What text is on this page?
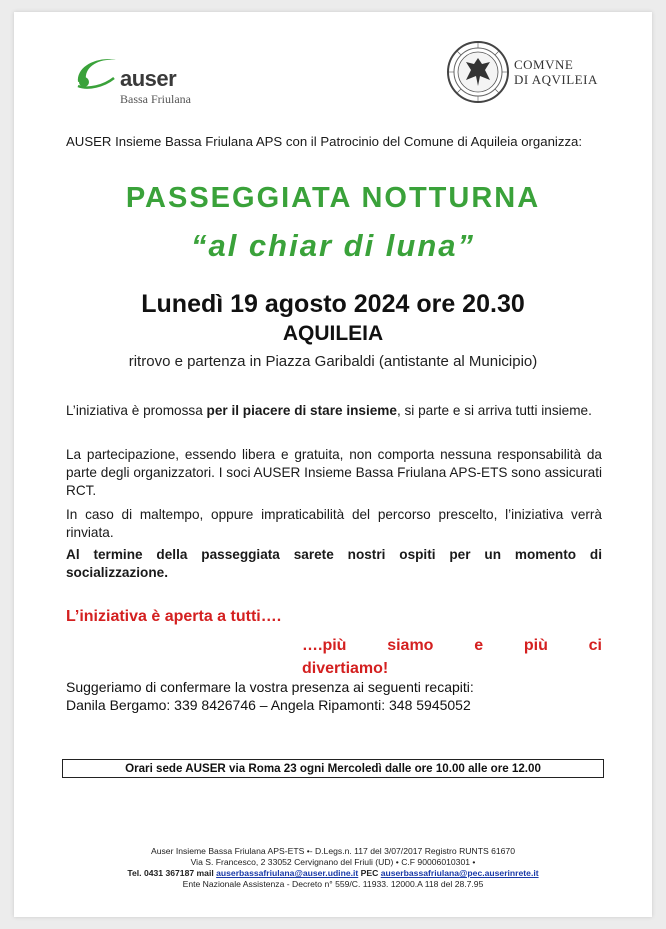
auser
Bassa Friulana
COMVNE
DI AQVILEIA
AUSER Insieme Bassa Friulana APS con il Patrocinio del Comune di Aquileia organizza:
PASSEGGIATA NOTTURNA
“al chiar di luna”
Lunedì 19 agosto 2024 ore 20.30
AQUILEIA
ritrovo e partenza in Piazza Garibaldi (antistante al Municipio)
L’iniziativa è promossa per il piacere di stare insieme, si parte e si arriva tutti insieme.
La partecipazione, essendo libera e gratuita, non comporta nessuna responsabilità da parte degli organizzatori. I soci AUSER Insieme Bassa Friulana APS-ETS sono assicurati RCT.
In caso di maltempo, oppure impraticabilità del percorso prescelto, l’iniziativa verrà rinviata.
Al termine della passeggiata sarete nostri ospiti per un momento di socializzazione.
L’iniziativa è aperta a tutti….
….più	siamo	e	più	ci
divertiamo!
Suggeriamo di confermare la vostra presenza ai seguenti recapiti:
Danila Bergamo: 339 8426746 – Angela Ripamonti: 348 5945052
Orari sede AUSER via Roma 23 ogni Mercoledì dalle ore 10.00 alle ore 12.00
Auser Insieme Bassa Friulana APS-ETS •- D.Legs.n. 117 del 3/07/2017 Registro RUNTS 61670
Via S. Francesco, 2 33052 Cervignano del Friuli (UD) • C.F 90006010301 •
Tel. 0431 367187 mail auserbassafriulana@auser.udine.it PEC auserbassafriulana@pec.auserinrete.it
Ente Nazionale Assistenza - Decreto n° 559/C. 11933. 12000.A 118 del 28.7.95
